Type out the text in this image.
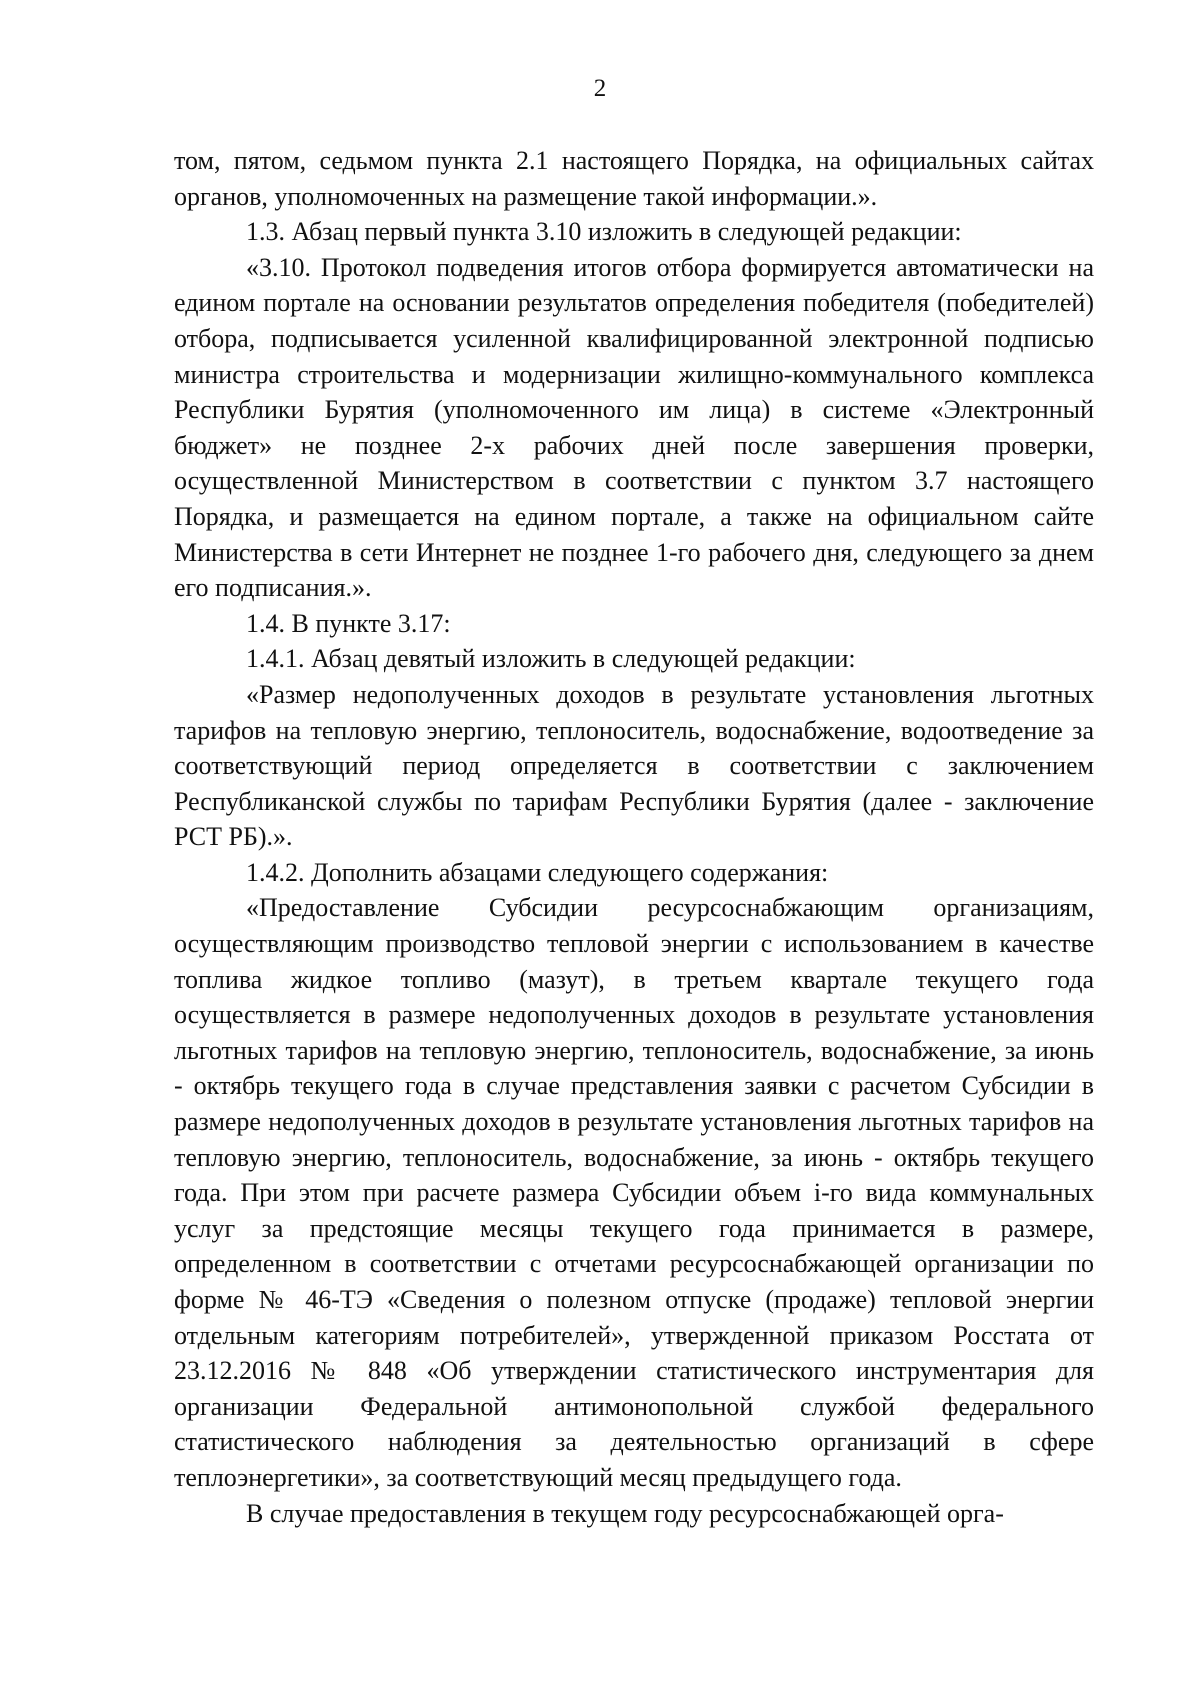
2

том, пятом, седьмом пункта 2.1 настоящего Порядка, на официальных сайтах органов, уполномоченных на размещение такой информации.».

1.3. Абзац первый пункта 3.10 изложить в следующей редакции:

«3.10. Протокол подведения итогов отбора формируется автоматически на едином портале на основании результатов определения победителя (победителей) отбора, подписывается усиленной квалифицированной электронной подписью министра строительства и модернизации жилищно-коммунального комплекса Республики Бурятия (уполномоченного им лица) в системе «Электронный бюджет» не позднее 2-х рабочих дней после завершения проверки, осуществленной Министерством в соответствии с пунктом 3.7 настоящего Порядка, и размещается на едином портале, а также на официальном сайте Министерства в сети Интернет не позднее 1-го рабочего дня, следующего за днем его подписания.».

1.4. В пункте 3.17:

1.4.1. Абзац девятый изложить в следующей редакции:

«Размер недополученных доходов в результате установления льготных тарифов на тепловую энергию, теплоноситель, водоснабжение, водоотведение за соответствующий период определяется в соответствии с заключением Республиканской службы по тарифам Республики Бурятия (далее - заключение РСТ РБ).».

1.4.2. Дополнить абзацами следующего содержания:

«Предоставление Субсидии ресурсоснабжающим организациям, осуществляющим производство тепловой энергии с использованием в качестве топлива жидкое топливо (мазут), в третьем квартале текущего года осуществляется в размере недополученных доходов в результате установления льготных тарифов на тепловую энергию, теплоноситель, водоснабжение, за июнь - октябрь текущего года в случае представления заявки с расчетом Субсидии в размере недополученных доходов в результате установления льготных тарифов на тепловую энергию, теплоноситель, водоснабжение, за июнь - октябрь текущего года. При этом при расчете размера Субсидии объем i-го вида коммунальных услуг за предстоящие месяцы текущего года принимается в размере, определенном в соответствии с отчетами ресурсоснабжающей организации по форме № 46-ТЭ «Сведения о полезном отпуске (продаже) тепловой энергии отдельным категориям потребителей», утвержденной приказом Росстата от 23.12.2016 № 848 «Об утверждении статистического инструментария для организации Федеральной антимонопольной службой федерального статистического наблюдения за деятельностью организаций в сфере теплоэнергетики», за соответствующий месяц предыдущего года.

В случае предоставления в текущем году ресурсоснабжающей орга-
